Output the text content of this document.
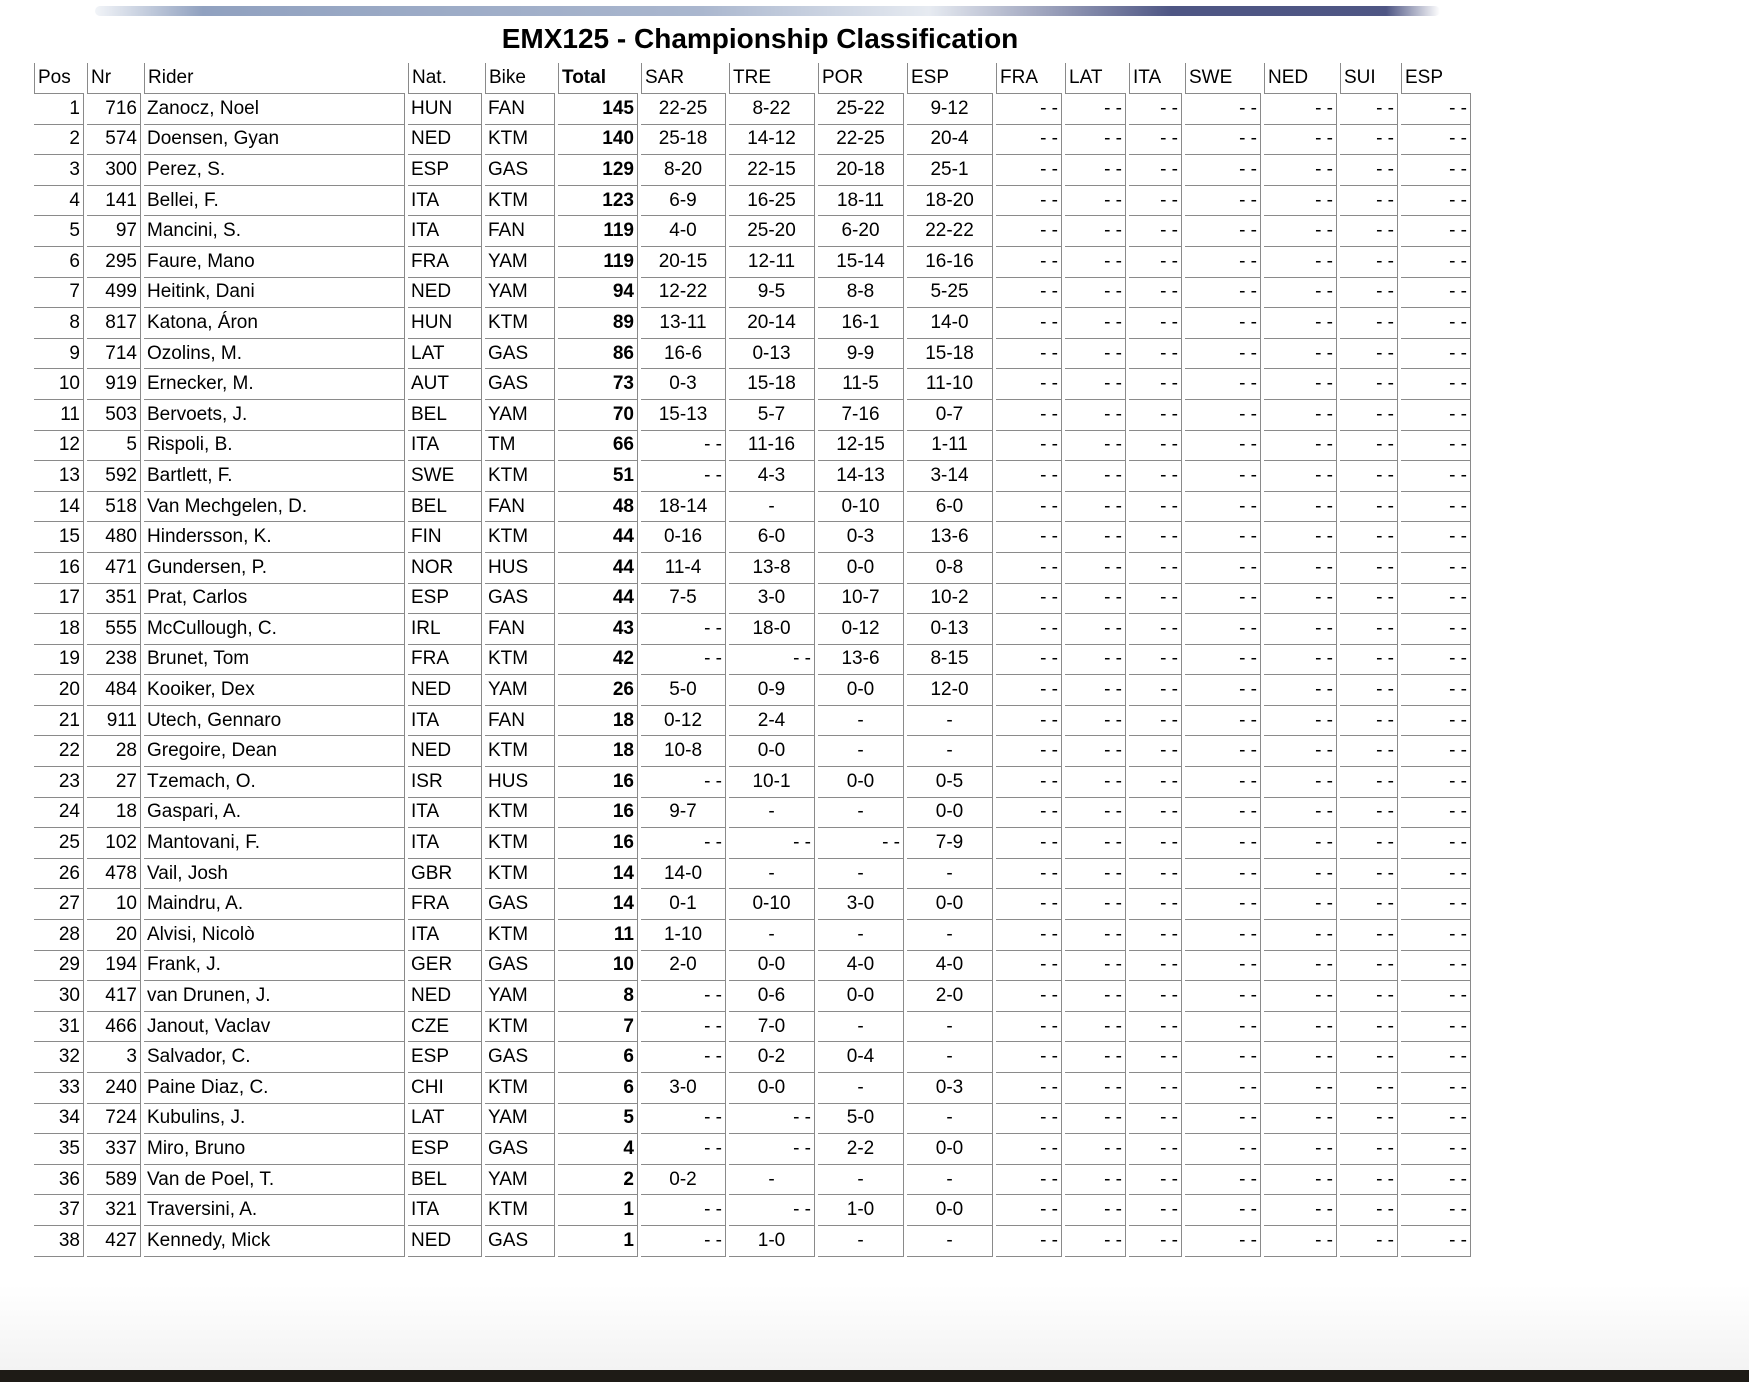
EMX125 - Championship Classification
Pos	Nr	Rider	Nat.	Bike	Total	SAR	TRE	POR	ESP	FRA	LAT	ITA	SWE	NED	SUI	ESP
1	716	Zanocz, Noel	HUN	FAN	145	22-25	8-22	25-22	9-12	- -	- -	- -	- -	- -	- -	- -
2	574	Doensen, Gyan	NED	KTM	140	25-18	14-12	22-25	20-4	- -	- -	- -	- -	- -	- -	- -
3	300	Perez, S.	ESP	GAS	129	8-20	22-15	20-18	25-1	- -	- -	- -	- -	- -	- -	- -
4	141	Bellei, F.	ITA	KTM	123	6-9	16-25	18-11	18-20	- -	- -	- -	- -	- -	- -	- -
5	97	Mancini, S.	ITA	FAN	119	4-0	25-20	6-20	22-22	- -	- -	- -	- -	- -	- -	- -
6	295	Faure, Mano	FRA	YAM	119	20-15	12-11	15-14	16-16	- -	- -	- -	- -	- -	- -	- -
7	499	Heitink, Dani	NED	YAM	94	12-22	9-5	8-8	5-25	- -	- -	- -	- -	- -	- -	- -
8	817	Katona, Áron	HUN	KTM	89	13-11	20-14	16-1	14-0	- -	- -	- -	- -	- -	- -	- -
9	714	Ozolins, M.	LAT	GAS	86	16-6	0-13	9-9	15-18	- -	- -	- -	- -	- -	- -	- -
10	919	Ernecker, M.	AUT	GAS	73	0-3	15-18	11-5	11-10	- -	- -	- -	- -	- -	- -	- -
11	503	Bervoets, J.	BEL	YAM	70	15-13	5-7	7-16	0-7	- -	- -	- -	- -	- -	- -	- -
12	5	Rispoli, B.	ITA	TM	66	- -	11-16	12-15	1-11	- -	- -	- -	- -	- -	- -	- -
13	592	Bartlett, F.	SWE	KTM	51	- -	4-3	14-13	3-14	- -	- -	- -	- -	- -	- -	- -
14	518	Van Mechgelen, D.	BEL	FAN	48	18-14	-	0-10	6-0	- -	- -	- -	- -	- -	- -	- -
15	480	Hindersson, K.	FIN	KTM	44	0-16	6-0	0-3	13-6	- -	- -	- -	- -	- -	- -	- -
16	471	Gundersen, P.	NOR	HUS	44	11-4	13-8	0-0	0-8	- -	- -	- -	- -	- -	- -	- -
17	351	Prat, Carlos	ESP	GAS	44	7-5	3-0	10-7	10-2	- -	- -	- -	- -	- -	- -	- -
18	555	McCullough, C.	IRL	FAN	43	- -	18-0	0-12	0-13	- -	- -	- -	- -	- -	- -	- -
19	238	Brunet, Tom	FRA	KTM	42	- -	- -	13-6	8-15	- -	- -	- -	- -	- -	- -	- -
20	484	Kooiker, Dex	NED	YAM	26	5-0	0-9	0-0	12-0	- -	- -	- -	- -	- -	- -	- -
21	911	Utech, Gennaro	ITA	FAN	18	0-12	2-4	-	-	- -	- -	- -	- -	- -	- -	- -
22	28	Gregoire, Dean	NED	KTM	18	10-8	0-0	-	-	- -	- -	- -	- -	- -	- -	- -
23	27	Tzemach, O.	ISR	HUS	16	- -	10-1	0-0	0-5	- -	- -	- -	- -	- -	- -	- -
24	18	Gaspari, A.	ITA	KTM	16	9-7	-	-	0-0	- -	- -	- -	- -	- -	- -	- -
25	102	Mantovani, F.	ITA	KTM	16	- -	- -	- -	7-9	- -	- -	- -	- -	- -	- -	- -
26	478	Vail, Josh	GBR	KTM	14	14-0	-	-	-	- -	- -	- -	- -	- -	- -	- -
27	10	Maindru, A.	FRA	GAS	14	0-1	0-10	3-0	0-0	- -	- -	- -	- -	- -	- -	- -
28	20	Alvisi, Nicolò	ITA	KTM	11	1-10	-	-	-	- -	- -	- -	- -	- -	- -	- -
29	194	Frank, J.	GER	GAS	10	2-0	0-0	4-0	4-0	- -	- -	- -	- -	- -	- -	- -
30	417	van Drunen, J.	NED	YAM	8	- -	0-6	0-0	2-0	- -	- -	- -	- -	- -	- -	- -
31	466	Janout, Vaclav	CZE	KTM	7	- -	7-0	-	-	- -	- -	- -	- -	- -	- -	- -
32	3	Salvador, C.	ESP	GAS	6	- -	0-2	0-4	-	- -	- -	- -	- -	- -	- -	- -
33	240	Paine Diaz, C.	CHI	KTM	6	3-0	0-0	-	0-3	- -	- -	- -	- -	- -	- -	- -
34	724	Kubulins, J.	LAT	YAM	5	- -	- -	5-0	-	- -	- -	- -	- -	- -	- -	- -
35	337	Miro, Bruno	ESP	GAS	4	- -	- -	2-2	0-0	- -	- -	- -	- -	- -	- -	- -
36	589	Van de Poel, T.	BEL	YAM	2	0-2	-	-	-	- -	- -	- -	- -	- -	- -	- -
37	321	Traversini, A.	ITA	KTM	1	- -	- -	1-0	0-0	- -	- -	- -	- -	- -	- -	- -
38	427	Kennedy, Mick	NED	GAS	1	- -	1-0	-	-	- -	- -	- -	- -	- -	- -	- -
